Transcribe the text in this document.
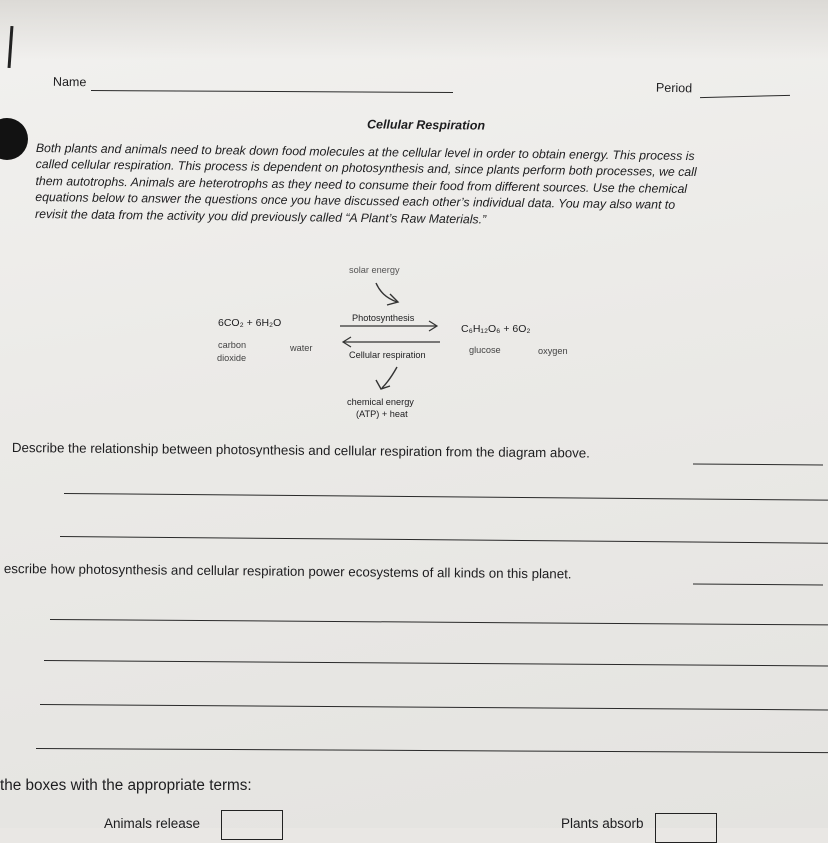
Name	Period
Cellular Respiration

Both plants and animals need to break down food molecules at the cellular level in order to obtain energy. This process is

called cellular respiration. This process is dependent on photosynthesis and, since plants perform both processes, we call

them autotrophs. Animals are heterotrophs as they need to consume their food from different sources. Use the chemical

equations below to answer the questions once you have discussed each other’s individual data. You may also want to

revisit the data from the activity you did previously called “A Plant’s Raw Materials.”

solar energy
Photosynthesis
6CO₂ + 6H₂O
carbon
dioxide
water
C₆H₁₂O₆ + 6O₂
glucose	oxygen
Cellular respiration
chemical energy
(ATP) + heat
Describe the relationship between photosynthesis and cellular respiration from the diagram above.
escribe how photosynthesis and cellular respiration power ecosystems of all kinds on this planet.
the boxes with the appropriate terms:
Animals release	Plants absorb
